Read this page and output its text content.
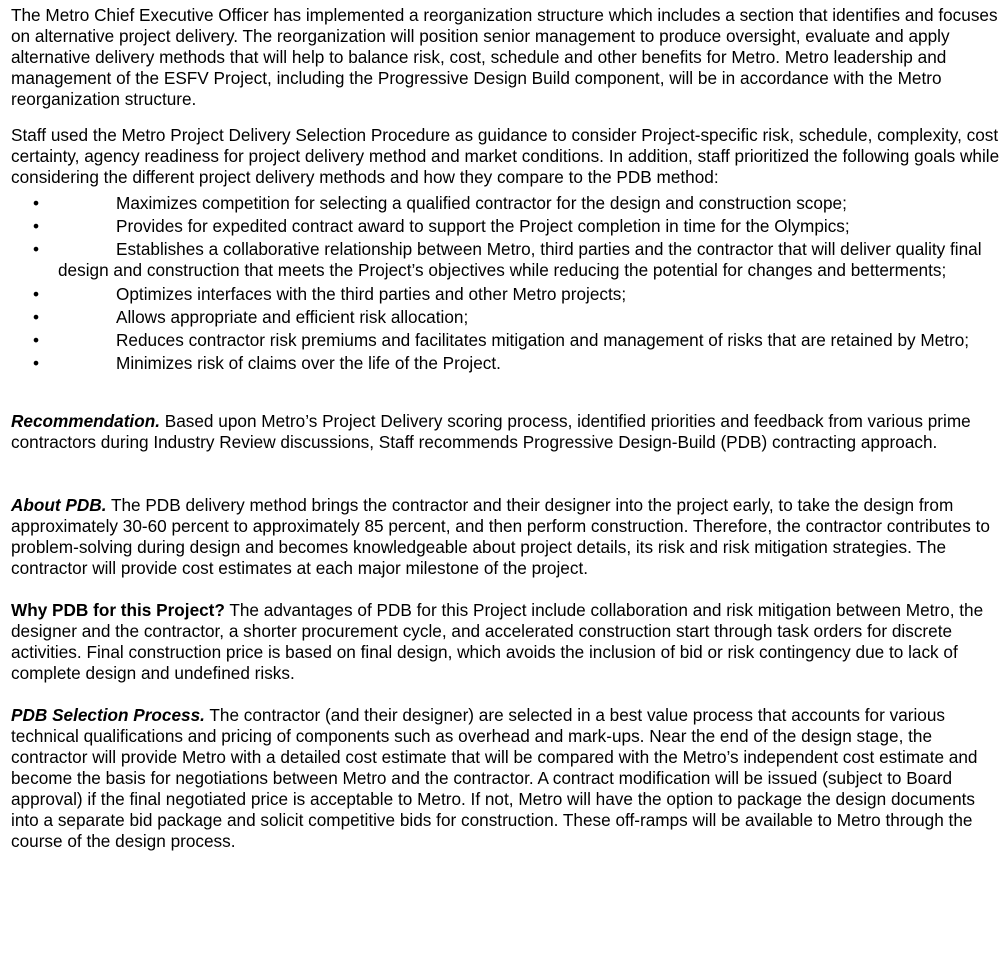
The Metro Chief Executive Officer has implemented a reorganization structure which includes a section that identifies and focuses on alternative project delivery. The reorganization will position senior management to produce oversight, evaluate and apply alternative delivery methods that will help to balance risk, cost, schedule and other benefits for Metro. Metro leadership and management of the ESFV Project, including the Progressive Design Build component, will be in accordance with the Metro reorganization structure.

Staff used the Metro Project Delivery Selection Procedure as guidance to consider Project-specific risk, schedule, complexity, cost certainty, agency readiness for project delivery method and market conditions. In addition, staff prioritized the following goals while considering the different project delivery methods and how they compare to the PDB method:

•	Maximizes competition for selecting a qualified contractor for the design and construction scope;
•	Provides for expedited contract award to support the Project completion in time for the Olympics;
•	Establishes a collaborative relationship between Metro, third parties and the contractor that will deliver quality final design and construction that meets the Project’s objectives while reducing the potential for changes and betterments;
•	Optimizes interfaces with the third parties and other Metro projects;
•	Allows appropriate and efficient risk allocation;
•	Reduces contractor risk premiums and facilitates mitigation and management of risks that are retained by Metro;
•	Minimizes risk of claims over the life of the Project.

Recommendation. Based upon Metro’s Project Delivery scoring process, identified priorities and feedback from various prime contractors during Industry Review discussions, Staff recommends Progressive Design-Build (PDB) contracting approach.

About PDB. The PDB delivery method brings the contractor and their designer into the project early, to take the design from approximately 30-60 percent to approximately 85 percent, and then perform construction. Therefore, the contractor contributes to problem-solving during design and becomes knowledgeable about project details, its risk and risk mitigation strategies. The contractor will provide cost estimates at each major milestone of the project.

Why PDB for this Project? The advantages of PDB for this Project include collaboration and risk mitigation between Metro, the designer and the contractor, a shorter procurement cycle, and accelerated construction start through task orders for discrete activities. Final construction price is based on final design, which avoids the inclusion of bid or risk contingency due to lack of complete design and undefined risks.

PDB Selection Process. The contractor (and their designer) are selected in a best value process that accounts for various technical qualifications and pricing of components such as overhead and mark-ups. Near the end of the design stage, the contractor will provide Metro with a detailed cost estimate that will be compared with the Metro’s independent cost estimate and become the basis for negotiations between Metro and the contractor. A contract modification will be issued (subject to Board approval) if the final negotiated price is acceptable to Metro. If not, Metro will have the option to package the design documents into a separate bid package and solicit competitive bids for construction. These off-ramps will be available to Metro through the course of the design process.
